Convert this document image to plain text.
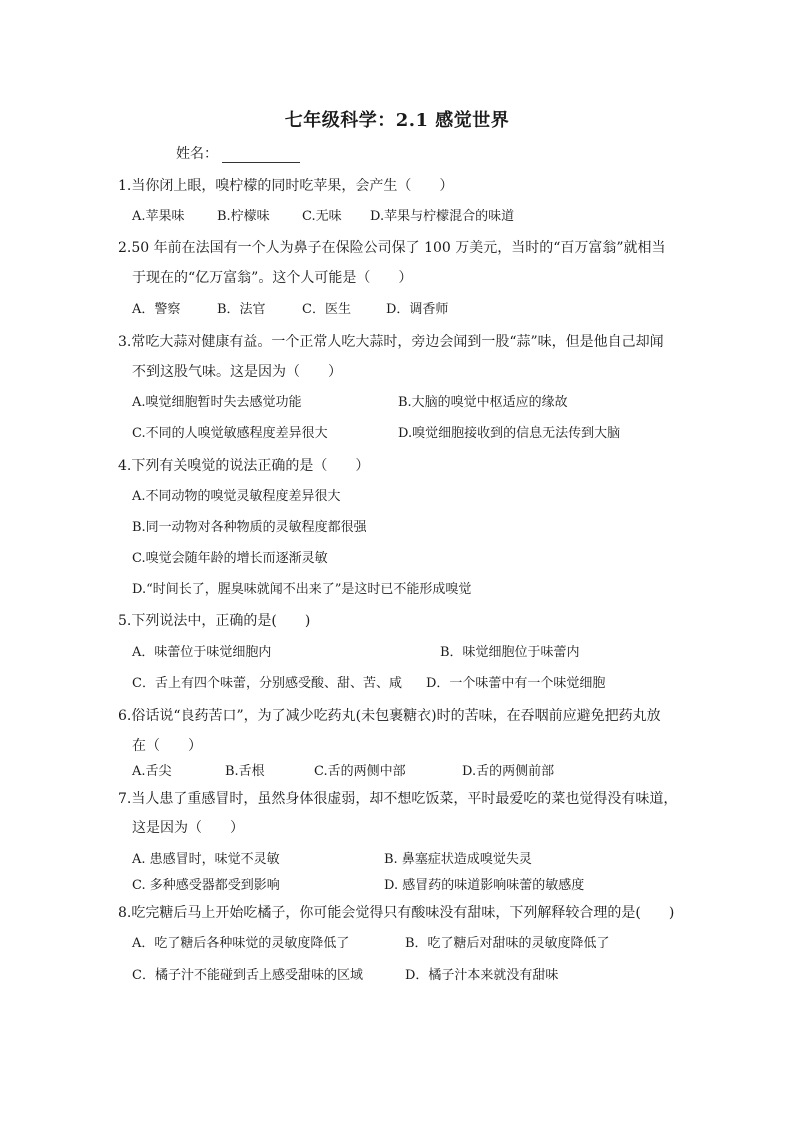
七年级科学：2.1 感觉世界
姓名：
1.当你闭上眼，嗅柠檬的同时吃苹果，会产生（　　）
A.苹果味 B.柠檬味 C.无味 D.苹果与柠檬混合的味道
2.50 年前在法国有一个人为鼻子在保险公司保了 100 万美元，当时的“百万富翁”就相当
于现在的“亿万富翁”。这个人可能是（　　）
A．警察	B．法官	C．医生	D．调香师
3.常吃大蒜对健康有益。一个正常人吃大蒜时，旁边会闻到一股“蒜”味，但是他自己却闻
不到这股气味。这是因为（　　）
A.嗅觉细胞暂时失去感觉功能	B.大脑的嗅觉中枢适应的缘故
C.不同的人嗅觉敏感程度差异很大	D.嗅觉细胞接收到的信息无法传到大脑
4.下列有关嗅觉的说法正确的是（　　）
A.不同动物的嗅觉灵敏程度差异很大
B.同一动物对各种物质的灵敏程度都很强
C.嗅觉会随年龄的增长而逐渐灵敏
D.“时间长了，腥臭味就闻不出来了”是这时已不能形成嗅觉
5.下列说法中，正确的是(　　)
A．味蕾位于味觉细胞内	B．味觉细胞位于味蕾内
C．舌上有四个味蕾，分别感受酸、甜、苦、咸 D．一个味蕾中有一个味觉细胞
6.俗话说“良药苦口”，为了减少吃药丸(未包裹糖衣)时的苦味，在吞咽前应避免把药丸放
在（　　）
A.舌尖	B.舌根	C.舌的两侧中部	D.舌的两侧前部
7.当人患了重感冒时，虽然身体很虚弱，却不想吃饭菜，平时最爱吃的菜也觉得没有味道，
这是因为（　　）
A. 患感冒时，味觉不灵敏	B. 鼻塞症状造成嗅觉失灵
C. 多种感受器都受到影响	D. 感冒药的味道影响味蕾的敏感度
8.吃完糖后马上开始吃橘子，你可能会觉得只有酸味没有甜味，下列解释较合理的是(　　)
A．吃了糖后各种味觉的灵敏度降低了	B．吃了糖后对甜味的灵敏度降低了
C．橘子汁不能碰到舌上感受甜味的区域	D．橘子汁本来就没有甜味
